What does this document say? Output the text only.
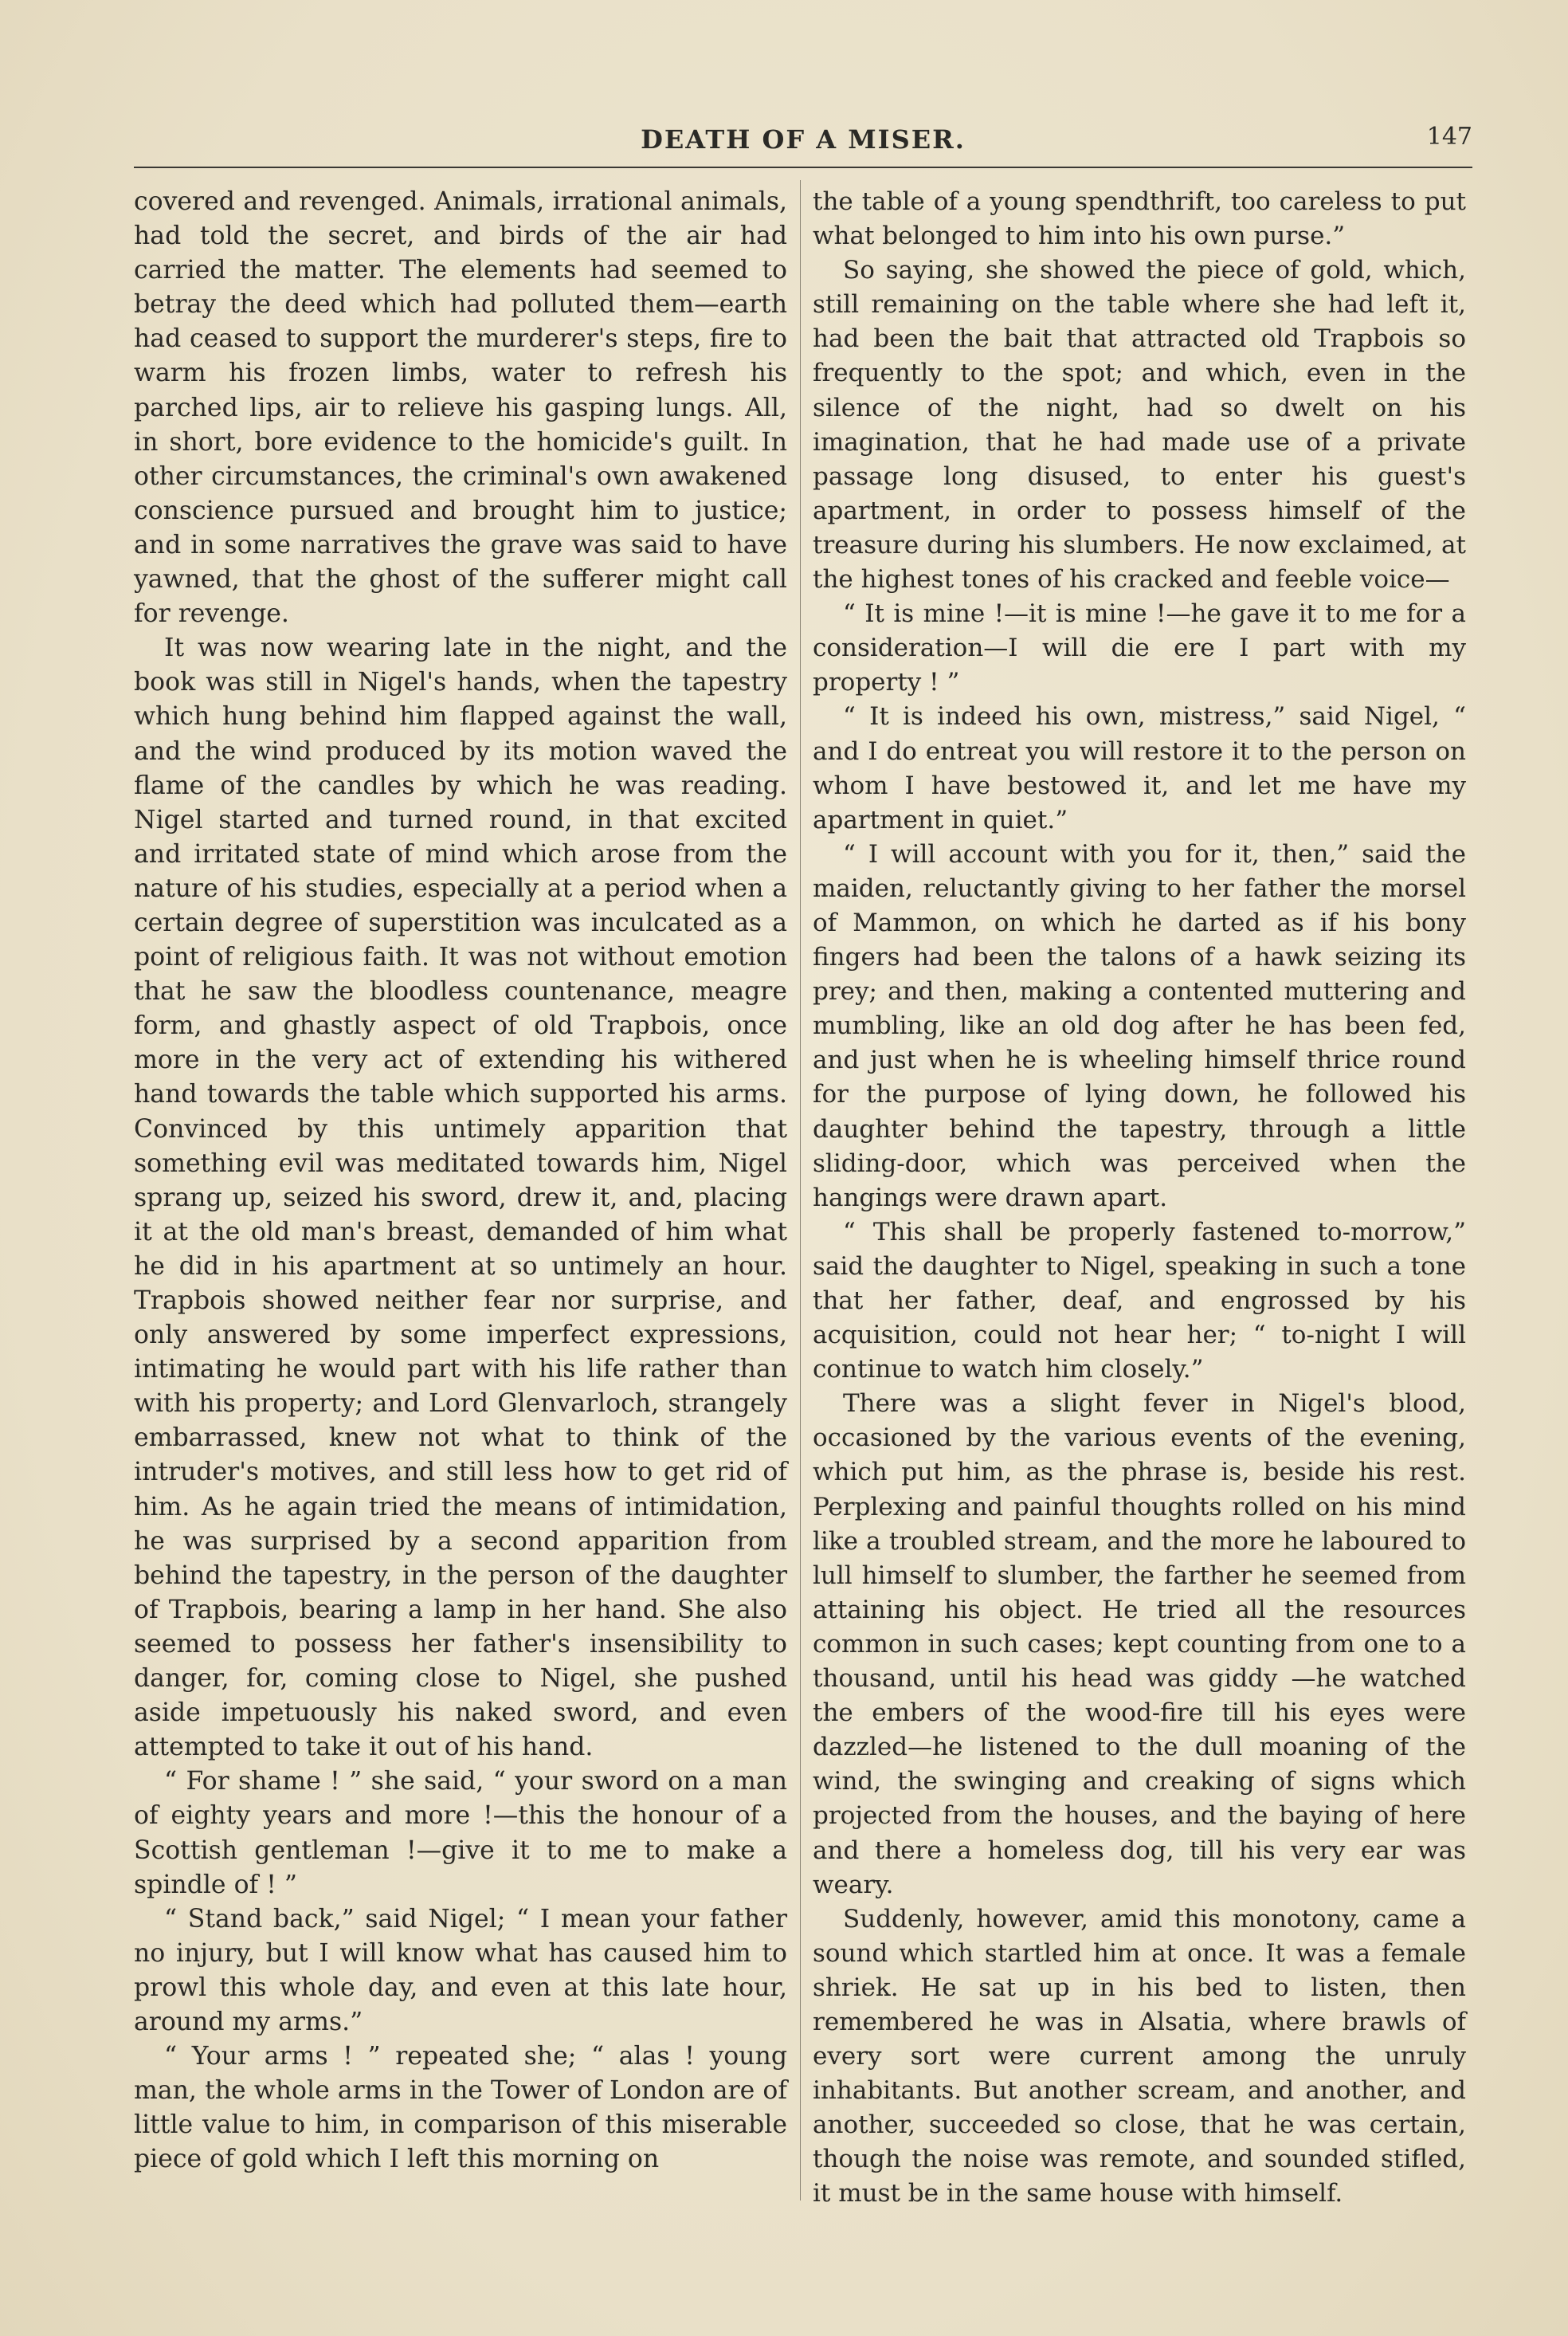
DEATH OF A MISER.	147

covered and revenged. Animals, irrational animals, had told the secret, and birds of the air had carried the matter. The elements had seemed to betray the deed which had polluted them—earth had ceased to support the murderer's steps, fire to warm his frozen limbs, water to refresh his parched lips, air to relieve his gasping lungs. All, in short, bore evidence to the homicide's guilt. In other circumstances, the criminal's own awakened conscience pursued and brought him to justice; and in some narratives the grave was said to have yawned, that the ghost of the sufferer might call for revenge.

It was now wearing late in the night, and the book was still in Nigel's hands, when the tapestry which hung behind him flapped against the wall, and the wind produced by its motion waved the flame of the candles by which he was reading. Nigel started and turned round, in that excited and irritated state of mind which arose from the nature of his studies, especially at a period when a certain degree of superstition was inculcated as a point of religious faith. It was not without emotion that he saw the bloodless countenance, meagre form, and ghastly aspect of old Trapbois, once more in the very act of extending his withered hand towards the table which supported his arms. Convinced by this untimely apparition that something evil was meditated towards him, Nigel sprang up, seized his sword, drew it, and, placing it at the old man's breast, demanded of him what he did in his apartment at so untimely an hour. Trapbois showed neither fear nor surprise, and only answered by some imperfect expressions, intimating he would part with his life rather than with his property; and Lord Glenvarloch, strangely embarrassed, knew not what to think of the intruder's motives, and still less how to get rid of him. As he again tried the means of intimidation, he was surprised by a second apparition from behind the tapestry, in the person of the daughter of Trapbois, bearing a lamp in her hand. She also seemed to possess her father's insensibility to danger, for, coming close to Nigel, she pushed aside impetuously his naked sword, and even attempted to take it out of his hand.

“ For shame ! ” she said, “ your sword on a man of eighty years and more !—this the honour of a Scottish gentleman !—give it to me to make a spindle of ! ”

“ Stand back,” said Nigel; “ I mean your father no injury, but I will know what has caused him to prowl this whole day, and even at this late hour, around my arms.”

“ Your arms ! ” repeated she; “ alas ! young man, the whole arms in the Tower of London are of little value to him, in comparison of this miserable piece of gold which I left this morning on

the table of a young spendthrift, too careless to put what belonged to him into his own purse.”

So saying, she showed the piece of gold, which, still remaining on the table where she had left it, had been the bait that attracted old Trapbois so frequently to the spot; and which, even in the silence of the night, had so dwelt on his imagination, that he had made use of a private passage long disused, to enter his guest's apartment, in order to possess himself of the treasure during his slumbers. He now exclaimed, at the highest tones of his cracked and feeble voice—

“ It is mine !—it is mine !—he gave it to me for a consideration—I will die ere I part with my property ! ”

“ It is indeed his own, mistress,” said Nigel, “ and I do entreat you will restore it to the person on whom I have bestowed it, and let me have my apartment in quiet.”

“ I will account with you for it, then,” said the maiden, reluctantly giving to her father the morsel of Mammon, on which he darted as if his bony fingers had been the talons of a hawk seizing its prey; and then, making a contented muttering and mumbling, like an old dog after he has been fed, and just when he is wheeling himself thrice round for the purpose of lying down, he followed his daughter behind the tapestry, through a little sliding-door, which was perceived when the hangings were drawn apart.

“ This shall be properly fastened to-morrow,” said the daughter to Nigel, speaking in such a tone that her father, deaf, and engrossed by his acquisition, could not hear her; “ to-night I will continue to watch him closely.”

There was a slight fever in Nigel's blood, occasioned by the various events of the evening, which put him, as the phrase is, beside his rest. Perplexing and painful thoughts rolled on his mind like a troubled stream, and the more he laboured to lull himself to slumber, the farther he seemed from attaining his object. He tried all the resources common in such cases; kept counting from one to a thousand, until his head was giddy —he watched the embers of the wood-fire till his eyes were dazzled—he listened to the dull moaning of the wind, the swinging and creaking of signs which projected from the houses, and the baying of here and there a homeless dog, till his very ear was weary.

Suddenly, however, amid this monotony, came a sound which startled him at once. It was a female shriek. He sat up in his bed to listen, then remembered he was in Alsatia, where brawls of every sort were current among the unruly inhabitants. But another scream, and another, and another, succeeded so close, that he was certain, though the noise was remote, and sounded stifled, it must be in the same house with himself.
